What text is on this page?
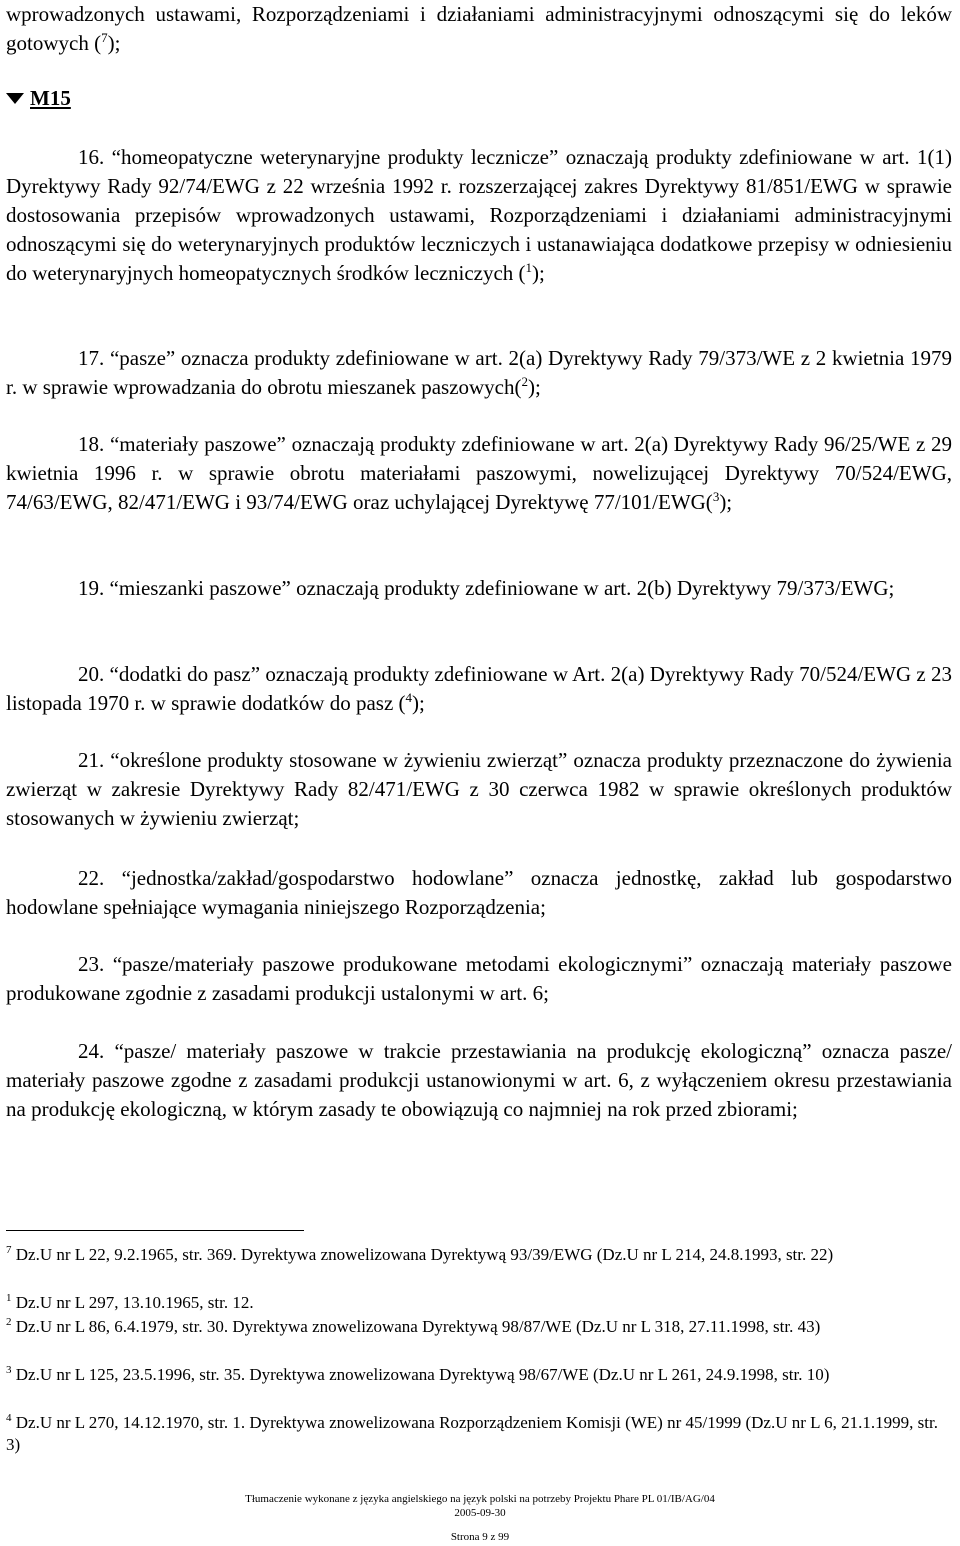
wprowadzonych ustawami, Rozporządzeniami i działaniami administracyjnymi odnoszącymi się do leków gotowych ($^7$);
M15
16. “homeopatyczne weterynaryjne produkty lecznicze” oznaczają produkty zdefiniowane w art. 1(1) Dyrektywy Rady 92/74/EWG z 22 września 1992 r. rozszerzającej zakres Dyrektywy 81/851/EWG w sprawie dostosowania przepisów wprowadzonych ustawami, Rozporządzeniami i działaniami administracyjnymi odnoszącymi się do weterynaryjnych produktów leczniczych i ustanawiająca dodatkowe przepisy w odniesieniu do weterynaryjnych homeopatycznych środków leczniczych ($^1$);
17. “pasze” oznacza produkty zdefiniowane w art. 2(a) Dyrektywy Rady 79/373/WE z 2 kwietnia 1979 r. w sprawie wprowadzania do obrotu mieszanek paszowych($^2$);
18. “materiały paszowe” oznaczają produkty zdefiniowane w art. 2(a) Dyrektywy Rady 96/25/WE z 29 kwietnia 1996 r. w sprawie obrotu materiałami paszowymi, nowelizującej Dyrektywy 70/524/EWG, 74/63/EWG, 82/471/EWG i 93/74/EWG oraz uchylającej Dyrektywę 77/101/EWG($^3$);
19. “mieszanki paszowe” oznaczają produkty zdefiniowane w art. 2(b) Dyrektywy 79/373/EWG;
20. “dodatki do pasz” oznaczają produkty zdefiniowane w Art. 2(a) Dyrektywy Rady 70/524/EWG z 23 listopada 1970 r. w sprawie dodatków do pasz ($^4$);
21. “określone produkty stosowane w żywieniu zwierząt” oznacza produkty przeznaczone do żywienia zwierząt w zakresie Dyrektywy Rady 82/471/EWG z 30 czerwca 1982 w sprawie określonych produktów stosowanych w żywieniu zwierząt;
22. “jednostka/zakład/gospodarstwo hodowlane” oznacza jednostkę, zakład lub gospodarstwo hodowlane spełniające wymagania niniejszego Rozporządzenia;
23. “pasze/materiały paszowe produkowane metodami ekologicznymi” oznaczają materiały paszowe produkowane zgodnie z zasadami produkcji ustalonymi w art. 6;
24. “pasze/ materiały paszowe w trakcie przestawiania na produkcję ekologiczną” oznacza pasze/ materiały paszowe zgodne z zasadami produkcji ustanowionymi w art. 6, z wyłączeniem okresu przestawiania na produkcję ekologiczną, w którym zasady te obowiązują co najmniej na rok przed zbiorami;
$^7$ Dz.U nr L 22, 9.2.1965, str. 369. Dyrektywa znowelizowana Dyrektywą 93/39/EWG (Dz.U nr L 214, 24.8.1993, str. 22)
$^1$ Dz.U nr L 297, 13.10.1965, str. 12.
$^2$ Dz.U nr L 86, 6.4.1979, str. 30. Dyrektywa znowelizowana Dyrektywą 98/87/WE (Dz.U nr L 318, 27.11.1998, str. 43)
$^3$ Dz.U nr L 125, 23.5.1996, str. 35. Dyrektywa znowelizowana Dyrektywą 98/67/WE (Dz.U nr L 261, 24.9.1998, str. 10)
$^4$ Dz.U nr L 270, 14.12.1970, str. 1. Dyrektywa znowelizowana Rozporządzeniem Komisji (WE) nr 45/1999 (Dz.U nr L 6, 21.1.1999, str. 3)
Tłumaczenie wykonane z języka angielskiego na język polski na potrzeby Projektu Phare PL 01/IB/AG/04
2005-09-30
Strona 9 z 99
